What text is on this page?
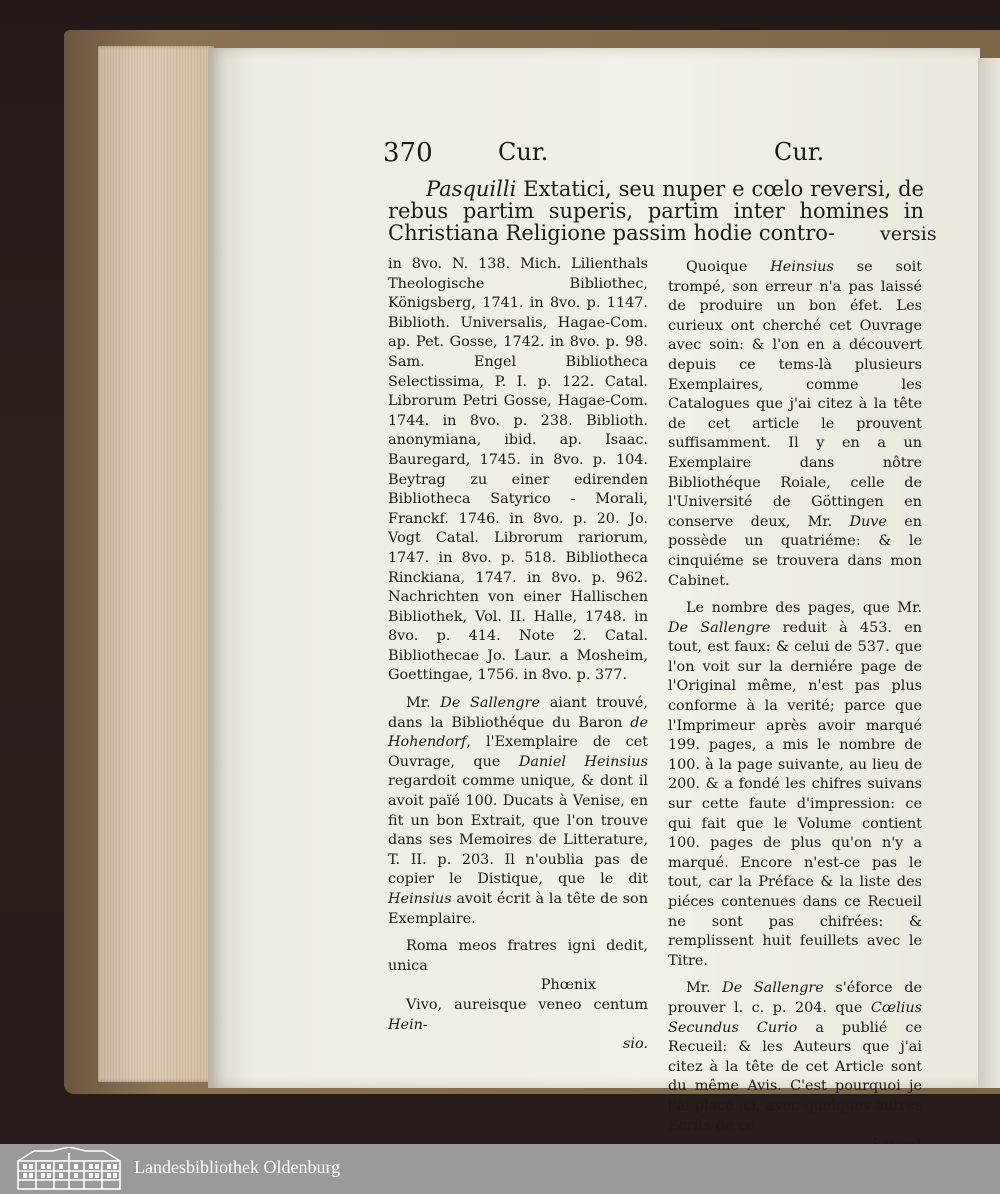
370	Cur.	Cur.
Pasquilli Extatici, seu nuper e cœlo reversi, de rebus partim superis, partim inter homines in Christiana Religione passim hodie contro-	versis

in 8vo. N. 138. Mich. Lilienthals Theologische Bibliothec, Königsberg, 1741. in 8vo. p. 1147. Biblioth. Universalis, Hagae-Com. ap. Pet. Gosse, 1742. in 8vo. p. 98. Sam. Engel Bibliotheca Selectissima, P. I. p. 122. Catal. Librorum Petri Gosse, Hagae-Com. 1744. in 8vo. p. 238. Biblioth. anonymiana, ibid. ap. Isaac. Bauregard, 1745. in 8vo. p. 104. Beytrag zu einer edirenden Bibliotheca Satyrico - Morali, Franckf. 1746. in 8vo. p. 20. Jo. Vogt Catal. Librorum rariorum, 1747. in 8vo. p. 518. Bibliotheca Rinckiana, 1747. in 8vo. p. 962. Nachrichten von einer Hallischen Bibliothek, Vol. II. Halle, 1748. in 8vo. p. 414. Note 2. Catal. Bibliothecae Jo. Laur. a Mosheim, Goettingae, 1756. in 8vo. p. 377.

Mr. De Sallengre aiant trouvé, dans la Bibliothéque du Baron de Hohendorf, l'Exemplaire de cet Ouvrage, que Daniel Heinsius regardoit comme unique, & dont il avoit païé 100. Ducats à Venise, en fit un bon Extrait, que l'on trouve dans ses Memoires de Litterature, T. II. p. 203. Il n'oublia pas de copier le Distique, que le dit Heinsius avoit écrit à la tête de son Exemplaire.

Roma meos fratres igni dedit, unica

Phœnix

Vivo, aureisque veneo centum Hein-

sio.

Quoique Heinsius se soit trompé, son erreur n'a pas laissé de produire un bon éfet. Les curieux ont cherché cet Ouvrage avec soin: & l'on en a découvert depuis ce tems-là plusieurs Exemplaires, comme les Catalogues que j'ai citez à la tête de cet article le prouvent suffisamment. Il y en a un Exemplaire dans nôtre Bibliothéque Roiale, celle de l'Université de Göttingen en conserve deux, Mr. Duve en possède un quatriéme: & le cinquiéme se trouvera dans mon Cabinet.

Le nombre des pages, que Mr. De Sallengre reduit à 453. en tout, est faux: & celui de 537. que l'on voit sur la derniére page de l'Original même, n'est pas plus conforme à la verité; parce que l'Imprimeur après avoir marqué 199. pages, a mis le nombre de 100. à la page suivante, au lieu de 200. & a fondé les chifres suivans sur cette faute d'impression: ce qui fait que le Volume contient 100. pages de plus qu'on n'y a marqué. Encore n'est-ce pas le tout, car la Préface & la liste des piéces contenues dans ce Recueil ne sont pas chifrées: & remplissent huit feuillets avec le Titre.

Mr. De Sallengre s'éforce de prouver l. c. p. 204. que Cœlius Secundus Curio a publié ce Recueil: & les Auteurs que j'ai citez à la tête de cet Article sont du même Avis. C'est pourquoi je l'ai placé ici, avec quelques autres Ecrits de ce

Landesbibliothek Oldenburg
